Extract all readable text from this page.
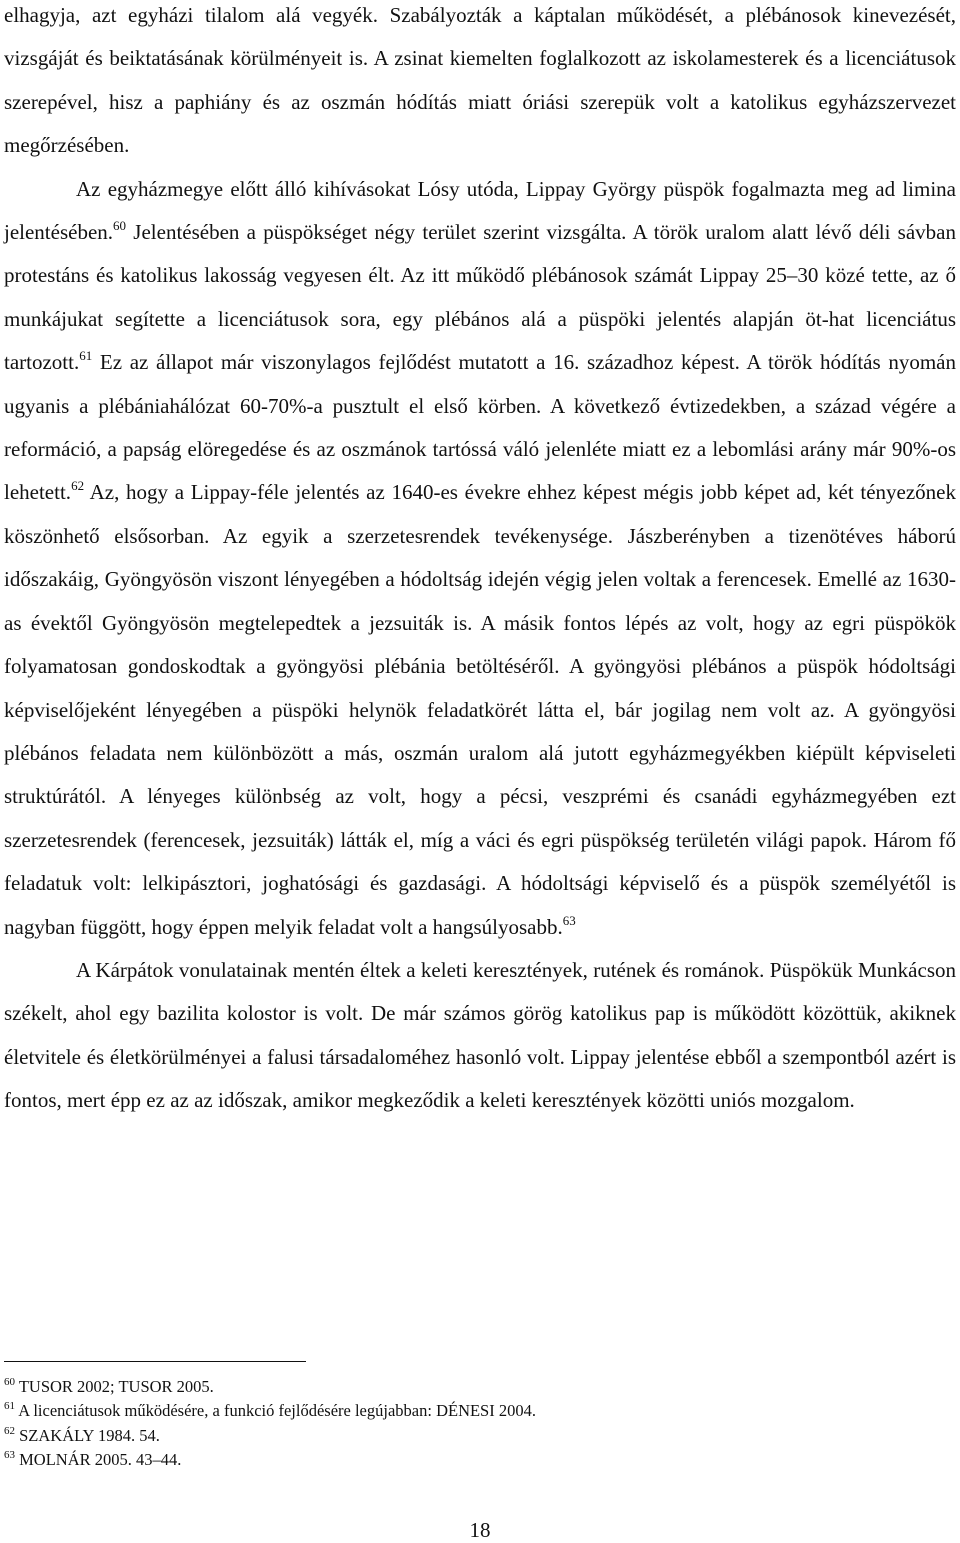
elhagyja, azt egyházi tilalom alá vegyék. Szabályozták a káptalan működését, a plébánosok kinevezését, vizsgáját és beiktatásának körülményeit is. A zsinat kiemelten foglalkozott az iskolamesterek és a licenciátusok szerepével, hisz a paphiány és az oszmán hódítás miatt óriási szerepük volt a katolikus egyházszervezet megőrzésében.

Az egyházmegye előtt álló kihívásokat Lósy utóda, Lippay György püspök fogalmazta meg ad limina jelentésében.$^{60}$ Jelentésében a püspökséget négy terület szerint vizsgálta. A török uralom alatt lévő déli sávban protestáns és katolikus lakosság vegyesen élt. Az itt működő plébánosok számát Lippay 25–30 közé tette, az ő munkájukat segítette a licenciátusok sora, egy plébános alá a püspöki jelentés alapján öt-hat licenciátus tartozott.$^{61}$ Ez az állapot már viszonylagos fejlődést mutatott a 16. századhoz képest. A török hódítás nyomán ugyanis a plébániahálózat 60-70%-a pusztult el első körben. A következő évtizedekben, a század végére a reformáció, a papság elöregedése és az oszmánok tartóssá váló jelenléte miatt ez a lebomlási arány már 90%-os lehetett.$^{62}$ Az, hogy a Lippay-féle jelentés az 1640-es évekre ehhez képest mégis jobb képet ad, két tényezőnek köszönhető elsősorban. Az egyik a szerzetesrendek tevékenysége. Jászberényben a tizenötéves háború időszakáig, Gyöngyösön viszont lényegében a hódoltság idején végig jelen voltak a ferencesek. Emellé az 1630-as évektől Gyöngyösön megtelepedtek a jezsuiták is. A másik fontos lépés az volt, hogy az egri püspökök folyamatosan gondoskodtak a gyöngyösi plébánia betöltéséről. A gyöngyösi plébános a püspök hódoltsági képviselőjeként lényegében a püspöki helynök feladatkörét látta el, bár jogilag nem volt az. A gyöngyösi plébános feladata nem különbözött a más, oszmán uralom alá jutott egyházmegyékben kiépült képviseleti struktúrától. A lényeges különbség az volt, hogy a pécsi, veszprémi és csanádi egyházmegyében ezt szerzetesrendek (ferencesek, jezsuiták) látták el, míg a váci és egri püspökség területén világi papok. Három fő feladatuk volt: lelkipásztori, joghatósági és gazdasági. A hódoltsági képviselő és a püspök személyétől is nagyban függött, hogy éppen melyik feladat volt a hangsúlyosabb.$^{63}$

A Kárpátok vonulatainak mentén éltek a keleti keresztények, rutének és románok. Püspökük Munkácson székelt, ahol egy bazilita kolostor is volt. De már számos görög katolikus pap is működött közöttük, akiknek életvitele és életkörülményei a falusi társadaloméhez hasonló volt. Lippay jelentése ebből a szempontból azért is fontos, mert épp ez az az időszak, amikor megkeződik a keleti keresztények közötti uniós mozgalom.

$^{60}$ TUSOR 2002; TUSOR 2005.
$^{61}$ A licenciátusok működésére, a funkció fejlődésére legújabban: DÉNESI 2004.
$^{62}$ SZAKÁLY 1984. 54.
$^{63}$ MOLNÁR 2005. 43–44.
18
